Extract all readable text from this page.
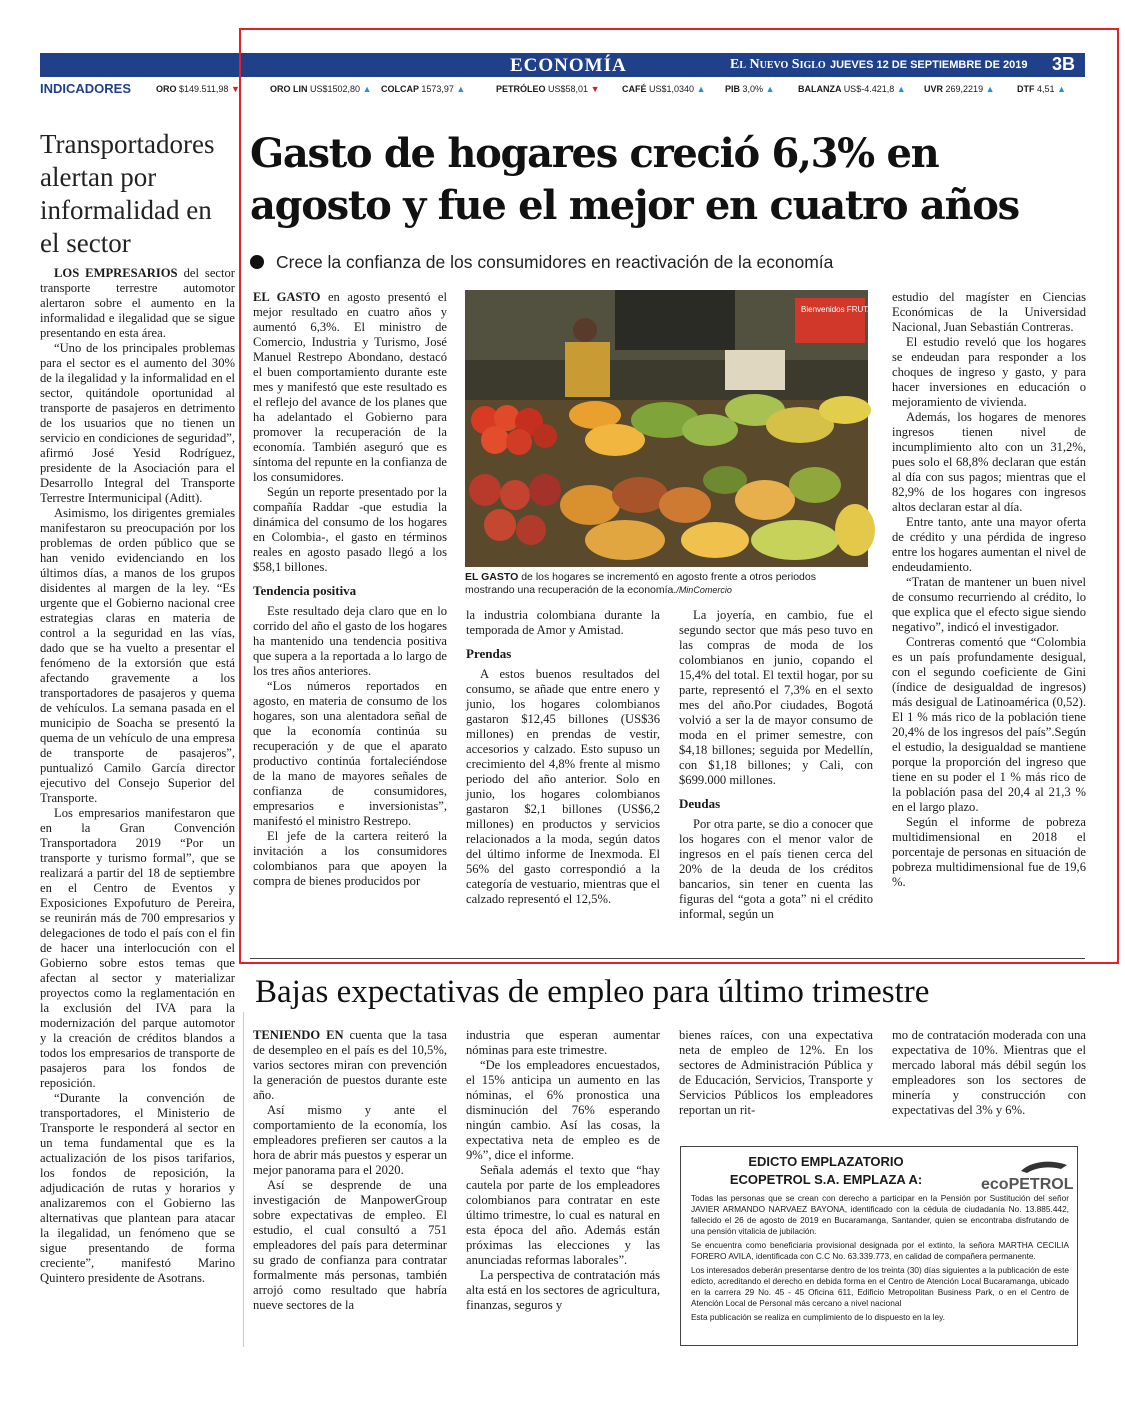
ECONOMÍA	El Nuevo Siglo JUEVES 12 DE SEPTIEMBRE DE 2019 3B
INDICADORES	ORO $149.511,98 ▼	ORO LIN US$1502,80 ▲ COLCAP 1573,97 ▲	PETRÓLEO US$58,01 ▼	CAFÉ US$1,0340 ▲ PIB 3,0% ▲	BALANZA US$-4.421,8 ▲ UVR 269,2219 ▲ DTF 4,51 ▲
Transportadores alertan por informalidad en el sector

LOS EMPRESARIOS del sector transporte terrestre automotor alertaron sobre el aumento en la informalidad e ilegalidad que se sigue presentando en esta área.

“Uno de los principales problemas para el sector es el aumento del 30% de la ilegalidad y la informalidad en el sector, quitándole oportunidad al transporte de pasajeros en detrimento de los usuarios que no tienen un servicio en condiciones de seguridad”, afirmó José Yesid Rodríguez, presidente de la Asociación para el Desarrollo Integral del Transporte Terrestre Intermunicipal (Aditt).

Asimismo, los dirigentes gremiales manifestaron su preocupación por los problemas de orden público que se han venido evidenciando en los últimos días, a manos de los grupos disidentes al margen de la ley. “Es urgente que el Gobierno nacional cree estrategias claras en materia de control a la seguridad en las vías, dado que se ha vuelto a presentar el fenómeno de la extorsión que está afectando gravemente a los transportadores de pasajeros y quema de vehículos. La semana pasada en el municipio de Soacha se presentó la quema de un vehículo de una empresa de transporte de pasajeros”, puntualizó Camilo García director ejecutivo del Consejo Superior del Transporte.

Los empresarios manifestaron que en la Gran Convención Transportadora 2019 “Por un transporte y turismo formal”, que se realizará a partir del 18 de septiembre en el Centro de Eventos y Exposiciones Expofuturo de Pereira, se reunirán más de 700 empresarios y delegaciones de todo el país con el fin de hacer una interlocución con el Gobierno sobre estos temas que afectan al sector y materializar proyectos como la reglamentación en la exclusión del IVA para la modernización del parque automotor y la creación de créditos blandos a todos los empresarios de transporte de pasajeros para los fondos de reposición.

“Durante la convención de transportadores, el Ministerio de Transporte le responderá al sector en un tema fundamental que es la actualización de los pisos tarifarios, los fondos de reposición, la adjudicación de rutas y horarios y analizaremos con el Gobierno las alternativas que plantean para atacar la ilegalidad, un fenómeno que se sigue presentando de forma creciente”, manifestó Marino Quintero presidente de Asotrans.

Gasto de hogares creció 6,3% en agosto y fue el mejor en cuatro años
Crece la confianza de los consumidores en reactivación de la economía

EL GASTO en agosto presentó el mejor resultado en cuatro años y aumentó 6,3%. El ministro de Comercio, Industria y Turismo, José Manuel Restrepo Abondano, destacó el buen comportamiento durante este mes y manifestó que este resultado es el reflejo del avance de los planes que ha adelantado el Gobierno para promover la recuperación de la economía. También aseguró que es síntoma del repunte en la confianza de los consumidores.

Según un reporte presentado por la compañía Raddar -que estudia la dinámica del consumo de los hogares en Colombia-, el gasto en términos reales en agosto pasado llegó a los $58,1 billones.

Tendencia positiva

Este resultado deja claro que en lo corrido del año el gasto de los hogares ha mantenido una tendencia positiva que supera a la reportada a lo largo de los tres años anteriores.

“Los números reportados en agosto, en materia de consumo de los hogares, son una alentadora señal de que la economía continúa su recuperación y de que el aparato productivo continúa fortaleciéndose de la mano de mayores señales de confianza de consumidores, empresarios e inversionistas”, manifestó el ministro Restrepo.

El jefe de la cartera reiteró la invitación a los consumidores colombianos para que apoyen la compra de bienes producidos por

Bienvenidos FRUTA Y
EL GASTO de los hogares se incrementó en agosto frente a otros periodos mostrando una recuperación de la economía./MinComercio

la industria colombiana durante la temporada de Amor y Amistad.

Prendas

A estos buenos resultados del consumo, se añade que entre enero y junio, los hogares colombianos gastaron $12,45 billones (US$36 millones) en prendas de vestir, accesorios y calzado. Esto supuso un crecimiento del 4,8% frente al mismo periodo del año anterior. Solo en junio, los hogares colombianos gastaron $2,1 billones (US$6,2 millones) en productos y servicios relacionados a la moda, según datos del último informe de Inexmoda. El 56% del gasto correspondió a la categoría de vestuario, mientras que el calzado representó el 12,5%.

La joyería, en cambio, fue el segundo sector que más peso tuvo en las compras de moda de los colombianos en junio, copando el 15,4% del total. El textil hogar, por su parte, representó el 7,3% en el sexto mes del año.Por ciudades, Bogotá volvió a ser la de mayor consumo de moda en el primer semestre, con $4,18 billones; seguida por Medellín, con $1,18 billones; y Cali, con $699.000 millones.

Deudas

Por otra parte, se dio a conocer que los hogares con el menor valor de ingresos en el país tienen cerca del 20% de la deuda de los créditos bancarios, sin tener en cuenta las figuras del “gota a gota” ni el crédito informal, según un

estudio del magíster en Ciencias Económicas de la Universidad Nacional, Juan Sebastián Contreras.

El estudio reveló que los hogares se endeudan para responder a los choques de ingreso y gasto, y para hacer inversiones en educación o mejoramiento de vivienda.

Además, los hogares de menores ingresos tienen nivel de incumplimiento alto con un 31,2%, pues solo el 68,8% declaran que están al día con sus pagos; mientras que el 82,9% de los hogares con ingresos altos declaran estar al día.

Entre tanto, ante una mayor oferta de crédito y una pérdida de ingreso entre los hogares aumentan el nivel de endeudamiento.

“Tratan de mantener un buen nivel de consumo recurriendo al crédito, lo que explica que el efecto sigue siendo negativo”, indicó el investigador.

Contreras comentó que “Colombia es un país profundamente desigual, con el segundo coeficiente de Gini (índice de desigualdad de ingresos) más desigual de Latinoamérica (0,52). El 1 % más rico de la población tiene 20,4% de los ingresos del país”.Según el estudio, la desigualdad se mantiene porque la proporción del ingreso que tiene en su poder el 1 % más rico de la población pasa del 20,4 al 21,3 % en el largo plazo.

Según el informe de pobreza multidimensional en 2018 el porcentaje de personas en situación de pobreza multidimensional fue de 19,6 %.

Bajas expectativas de empleo para último trimestre

TENIENDO EN cuenta que la tasa de desempleo en el país es del 10,5%, varios sectores miran con prevención la generación de puestos durante este año.

Así mismo y ante el comportamiento de la economía, los empleadores prefieren ser cautos a la hora de abrir más puestos y esperar un mejor panorama para el 2020.

Así se desprende de una investigación de ManpowerGroup sobre expectativas de empleo. El estudio, el cual consultó a 751 empleadores del país para determinar su grado de confianza para contratar formalmente más personas, también arrojó como resultado que habría nueve sectores de la

industria que esperan aumentar nóminas para este trimestre.

“De los empleadores encuestados, el 15% anticipa un aumento en las nóminas, el 6% pronostica una disminución del 76% esperando ningún cambio. Así las cosas, la expectativa neta de empleo es de 9%”, dice el informe.

Señala además el texto que “hay cautela por parte de los empleadores colombianos para contratar en este último trimestre, lo cual es natural en esta época del año. Además están próximas las elecciones y las anunciadas reformas laborales”.

La perspectiva de contratación más alta está en los sectores de agricultura, finanzas, seguros y

bienes raíces, con una expectativa neta de empleo de 12%. En los sectores de Administración Pública y de Educación, Servicios, Transporte y Servicios Públicos los empleadores reportan un rit-

mo de contratación moderada con una expectativa de 10%. Mientras que el mercado laboral más débil según los empleadores son los sectores de minería y construcción con expectativas del 3% y 6%.

EDICTO EMPLAZATORIO
ECOPETROL S.A. EMPLAZA A:	ecoPETROL

Todas las personas que se crean con derecho a participar en la Pensión por Sustitución del señor JAVIER ARMANDO NARVAEZ BAYONA, identificado con la cédula de ciudadanía No. 13.885.442, fallecido el 26 de agosto de 2019 en Bucaramanga, Santander, quien se encontraba disfrutando de una pensión vitalicia de jubilación.

Se encuentra como beneficiaria provisional designada por el extinto, la señora MARTHA CECILIA FORERO AVILA, identificada con C.C No. 63.339.773, en calidad de compañera permanente.

Los interesados deberán presentarse dentro de los treinta (30) días siguientes a la publicación de este edicto, acreditando el derecho en debida forma en el Centro de Atención Local Bucaramanga, ubicado en la carrera 29 No. 45 - 45 Oficina 611, Edificio Metropolitan Business Park, o en el Centro de Atención Local de Personal más cercano a nivel nacional

Esta publicación se realiza en cumplimiento de lo dispuesto en la ley.
